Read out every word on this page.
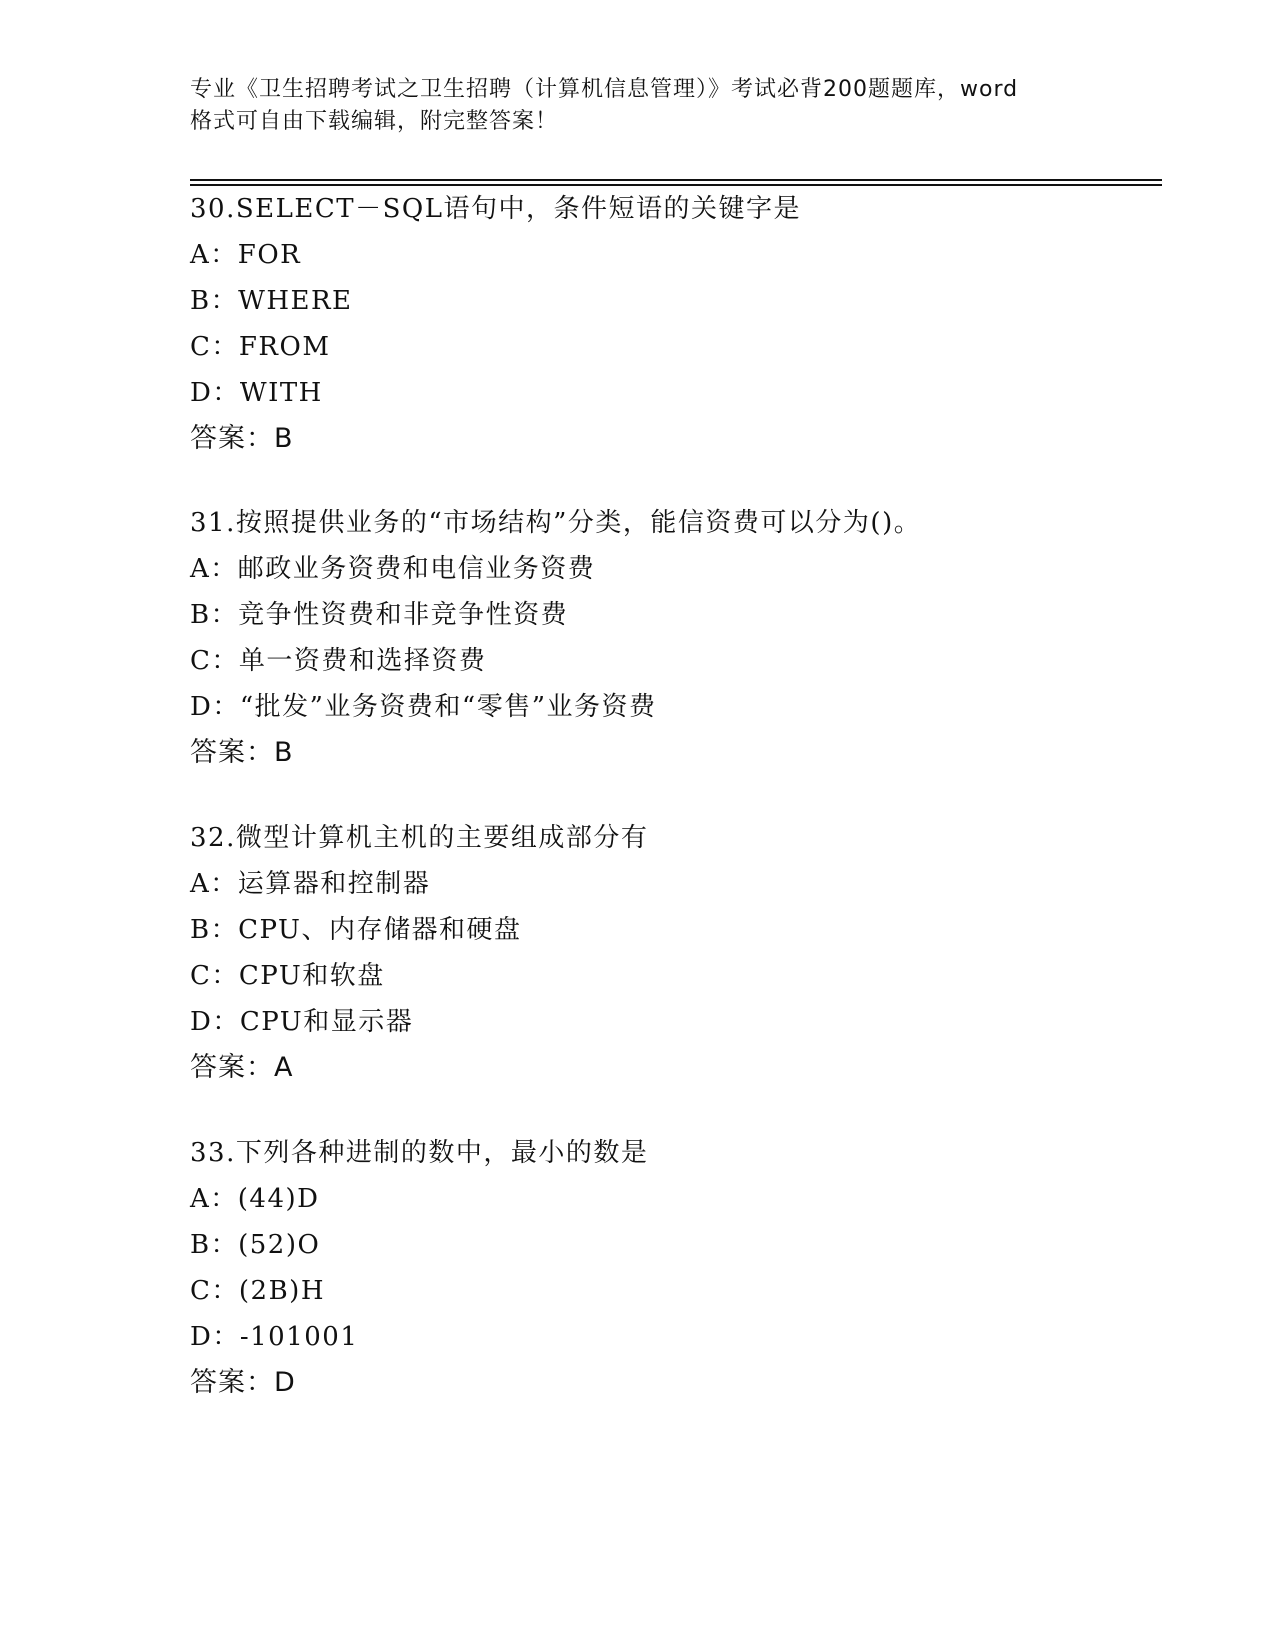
专业《卫生招聘考试之卫生招聘（计算机信息管理）》考试必背200题题库，word
格式可自由下载编辑，附完整答案！
30.SELECT－SQL语句中，条件短语的关键字是
A：FOR
B：WHERE
C：FROM
D：WITH
答案：B
31.按照提供业务的“市场结构”分类，能信资费可以分为()。
A：邮政业务资费和电信业务资费
B：竞争性资费和非竞争性资费
C：单一资费和选择资费
D：“批发”业务资费和“零售”业务资费
答案：B
32.微型计算机主机的主要组成部分有
A：运算器和控制器
B：CPU、内存储器和硬盘
C：CPU和软盘
D：CPU和显示器
答案：A
33.下列各种进制的数中，最小的数是
A：(44)D
B：(52)O
C：(2B)H
D：-101001
答案：D
